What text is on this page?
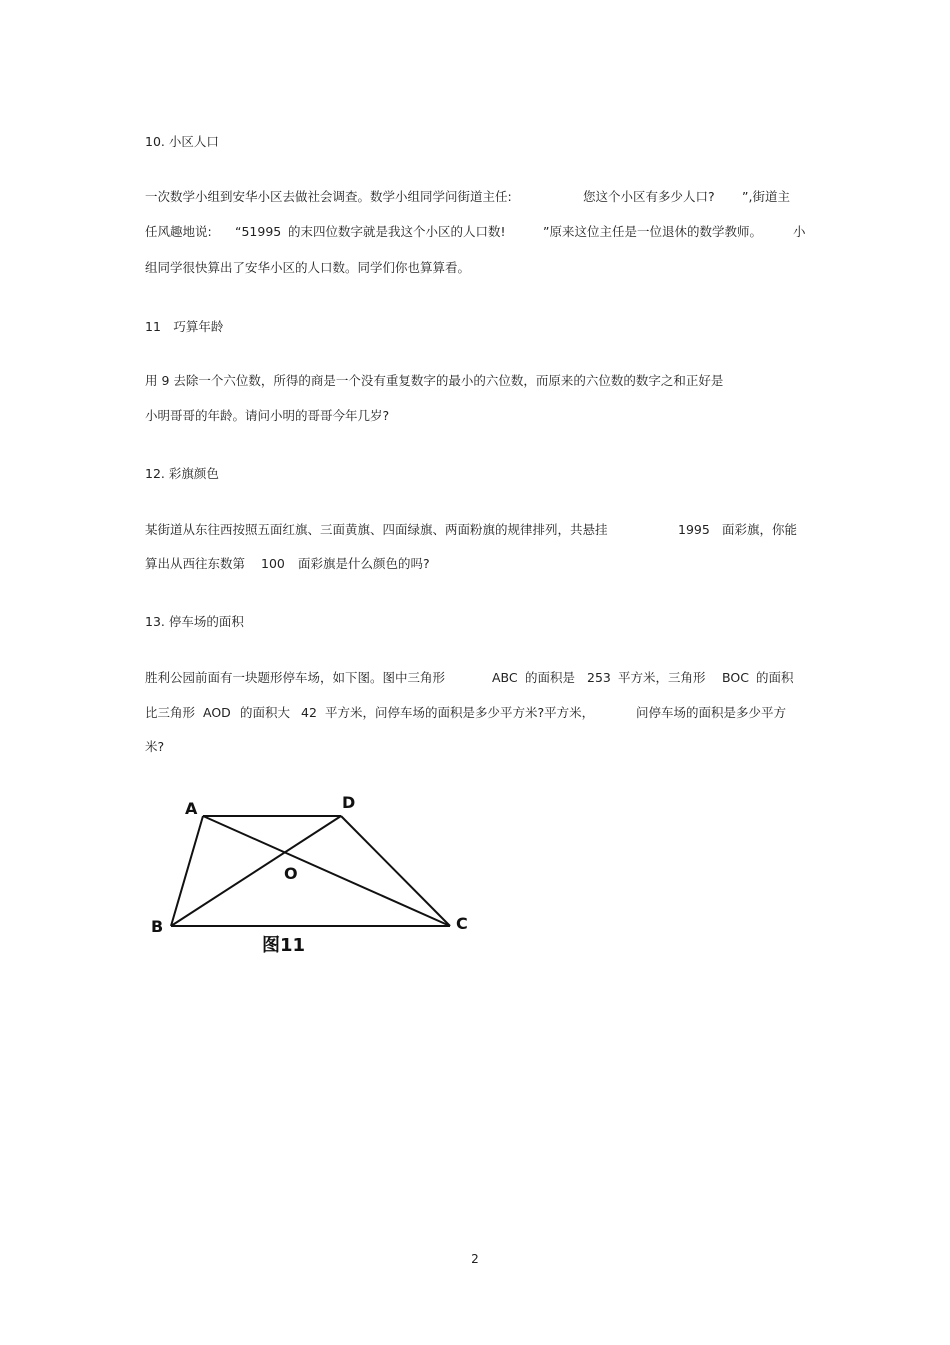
10. 小区人口
一次数学小组到安华小区去做社会调查。数学小组同学问街道主任:	您这个小区有多少人口? ”,街道主
任风趣地说: “51995 的末四位数字就是我这个小区的人口数!	”原来这位主任是一位退休的数学教师。 小
组同学很快算出了安华小区的人口数。同学们你也算算看。
11　巧算年龄
用 9 去除一个六位数，所得的商是一个没有重复数字的最小的六位数，而原来的六位数的数字之和正好是
小明哥哥的年龄。请问小明的哥哥今年几岁?
12. 彩旗颜色
某街道从东往西按照五面红旗、三面黄旗、四面绿旗、两面粉旗的规律排列，共悬挂	1995 面彩旗，你能
算出从西往东数第 100 面彩旗是什么颜色的吗?
13. 停车场的面积
胜利公园前面有一块题形停车场，如下图。图中三角形	ABC 的面积是 253 平方米，三角形 BOC 的面积
比三角形 AOD 的面积大 42 平方米，问停车场的面积是多少平方米?平方米，	问停车场的面积是多少平方
米?
A
B	C
D
O
图11
2
